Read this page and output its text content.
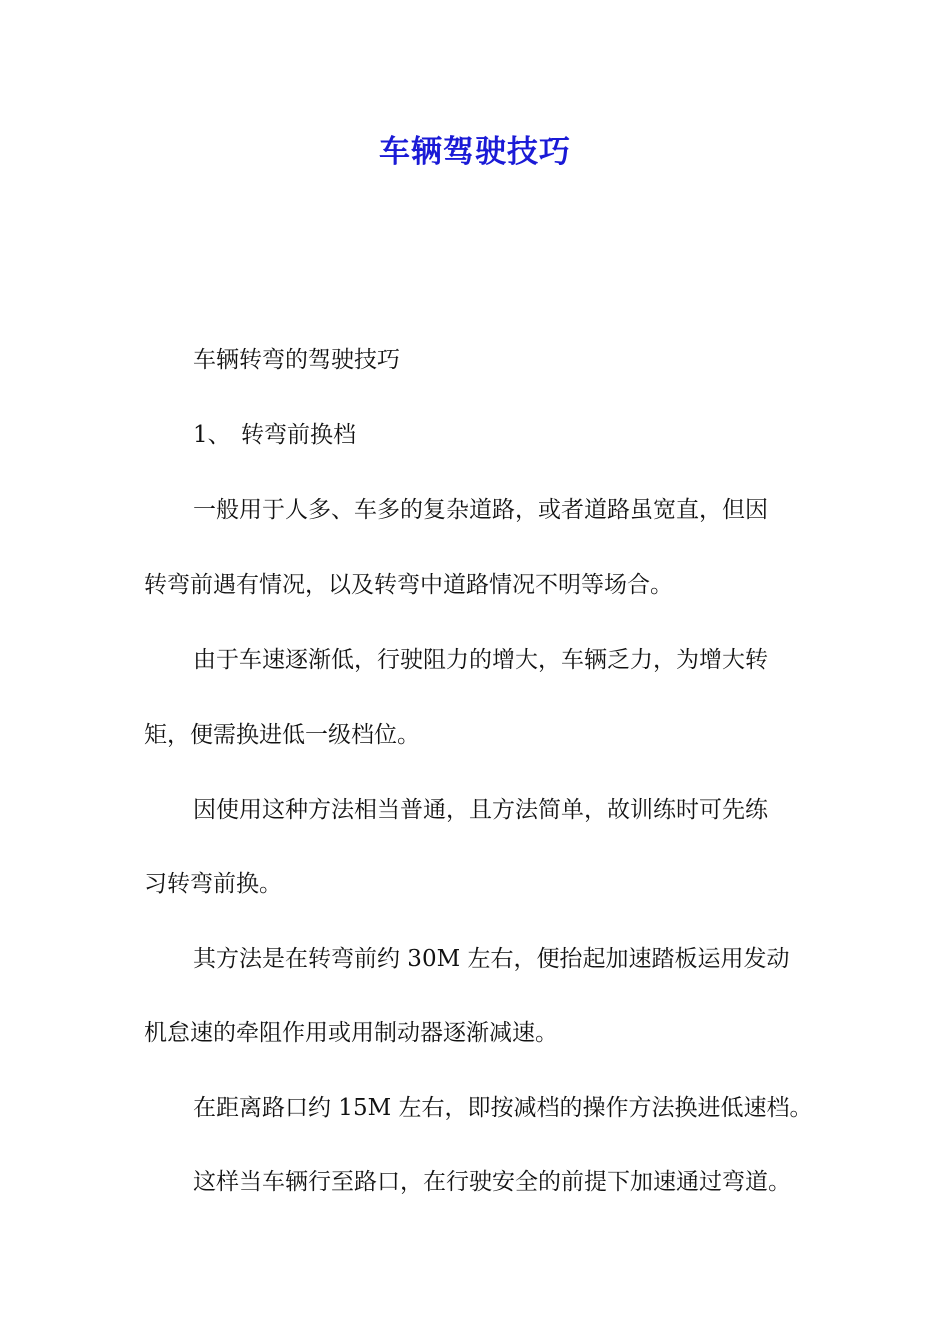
车辆驾驶技巧
车辆转弯的驾驶技巧
1、 转弯前换档
一般用于人多、车多的复杂道路，或者道路虽宽直，但因
转弯前遇有情况，以及转弯中道路情况不明等场合。
由于车速逐渐低，行驶阻力的增大，车辆乏力，为增大转
矩，便需换进低一级档位。
因使用这种方法相当普通，且方法简单，故训练时可先练
习转弯前换。
其方法是在转弯前约 30M 左右，便抬起加速踏板运用发动
机怠速的牵阻作用或用制动器逐渐减速。
在距离路口约 15M 左右，即按减档的操作方法换进低速档。
这样当车辆行至路口，在行驶安全的前提下加速通过弯道。
